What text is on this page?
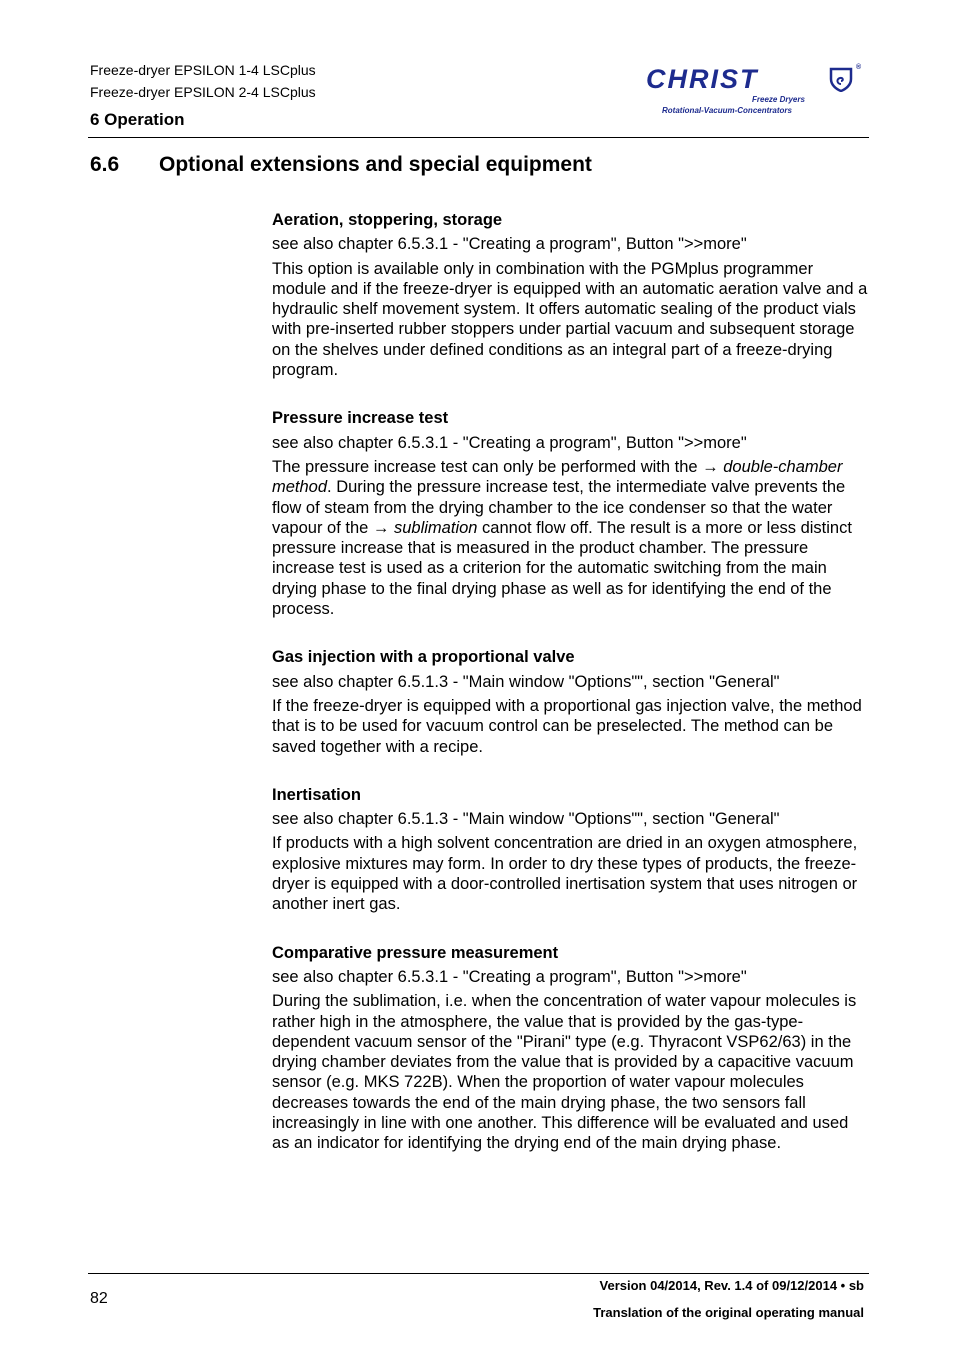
Freeze-dryer EPSILON 1-4 LSCplus
Freeze-dryer EPSILON 2-4 LSCplus
6 Operation
CHRIST	®
Freeze Dryers
Rotational-Vacuum-Concentrators
6.6 Optional extensions and special equipment
Aeration, stoppering, storage
see also chapter 6.5.3.1 - "Creating a program", Button ">>more"

This option is available only in combination with the PGMplus programmer module and if the freeze-dryer is equipped with an automatic aeration valve and a hydraulic shelf movement system. It offers automatic sealing of the product vials with pre-inserted rubber stoppers under partial vacuum and subsequent storage on the shelves under defined conditions as an integral part of a freeze-drying program.

Pressure increase test
see also chapter 6.5.3.1 - "Creating a program", Button ">>more"

The pressure increase test can only be performed with the → double-chamber method. During the pressure increase test, the intermediate valve prevents the flow of steam from the drying chamber to the ice condenser so that the water vapour of the → sublimation cannot flow off. The result is a more or less distinct pressure increase that is measured in the product chamber. The pressure increase test is used as a criterion for the automatic switching from the main drying phase to the final drying phase as well as for identifying the end of the process.

Gas injection with a proportional valve
see also chapter 6.5.1.3 - "Main window "Options"", section "General"

If the freeze-dryer is equipped with a proportional gas injection valve, the method that is to be used for vacuum control can be preselected. The method can be saved together with a recipe.

Inertisation
see also chapter 6.5.1.3 - "Main window "Options"", section "General"

If products with a high solvent concentration are dried in an oxygen atmosphere, explosive mixtures may form. In order to dry these types of products, the freeze-dryer is equipped with a door-controlled inertisation system that uses nitrogen or another inert gas.

Comparative pressure measurement
see also chapter 6.5.3.1 - "Creating a program", Button ">>more"

During the sublimation, i.e. when the concentration of water vapour molecules is rather high in the atmosphere, the value that is provided by the gas-type-dependent vacuum sensor of the "Pirani" type (e.g. Thyracont VSP62/63) in the drying chamber deviates from the value that is provided by a capacitive vacuum sensor (e.g. MKS 722B). When the proportion of water vapour molecules decreases towards the end of the main drying phase, the two sensors fall increasingly in line with one another. This difference will be evaluated and used as an indicator for identifying the drying end of the main drying phase.

82
Version 04/2014, Rev. 1.4 of 09/12/2014 • sb
Translation of the original operating manual
